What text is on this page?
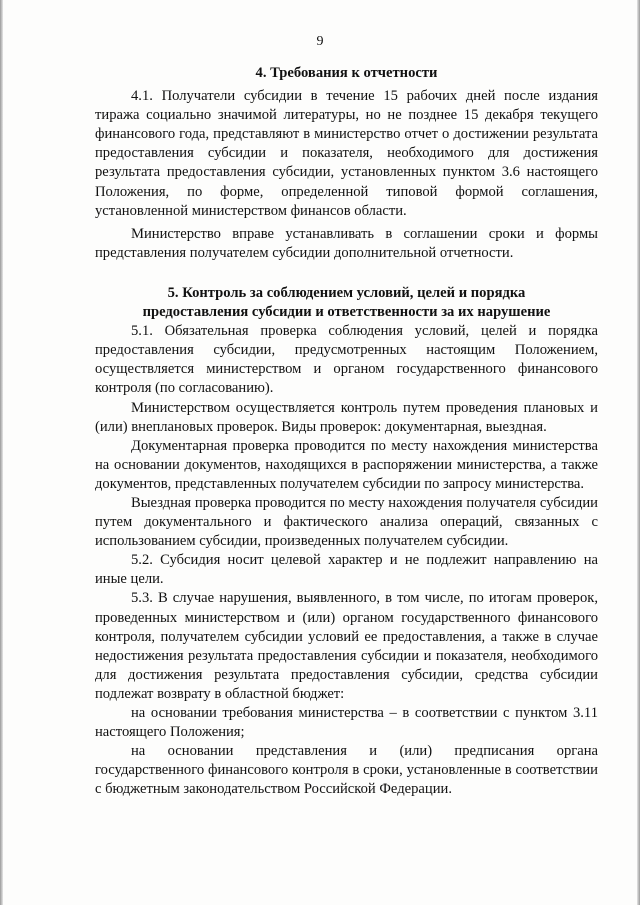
9
4. Требования к отчетности

4.1. Получатели субсидии в течение 15 рабочих дней после издания тиража социально значимой литературы, но не позднее 15 декабря текущего финансового года, представляют в министерство отчет о достижении результата предоставления субсидии и показателя, необходимого для достижения результата предоставления субсидии, установленных пунктом 3.6 настоящего Положения, по форме, определенной типовой формой соглашения, установленной министерством финансов области.

Министерство вправе устанавливать в соглашении сроки и формы представления получателем субсидии дополнительной отчетности.

5. Контроль за соблюдением условий, целей и порядка
предоставления субсидии и ответственности за их нарушение

5.1. Обязательная проверка соблюдения условий, целей и порядка предоставления субсидии, предусмотренных настоящим Положением, осуществляется министерством и органом государственного финансового контроля (по согласованию).

Министерством осуществляется контроль путем проведения плановых и (или) внеплановых проверок. Виды проверок: документарная, выездная.

Документарная проверка проводится по месту нахождения министерства на основании документов, находящихся в распоряжении министерства, а также документов, представленных получателем субсидии по запросу министерства.

Выездная проверка проводится по месту нахождения получателя субсидии путем документального и фактического анализа операций, связанных с использованием субсидии, произведенных получателем субсидии.

5.2. Субсидия носит целевой характер и не подлежит направлению на иные цели.

5.3. В случае нарушения, выявленного, в том числе, по итогам проверок, проведенных министерством и (или) органом государственного финансового контроля, получателем субсидии условий ее предоставления, а также в случае недостижения результата предоставления субсидии и показателя, необходимого для достижения результата предоставления субсидии, средства субсидии подлежат возврату в областной бюджет:

на основании требования министерства – в соответствии с пунктом 3.11 настоящего Положения;

на основании представления и (или) предписания органа государственного финансового контроля в сроки, установленные в соответствии с бюджетным законодательством Российской Федерации.
